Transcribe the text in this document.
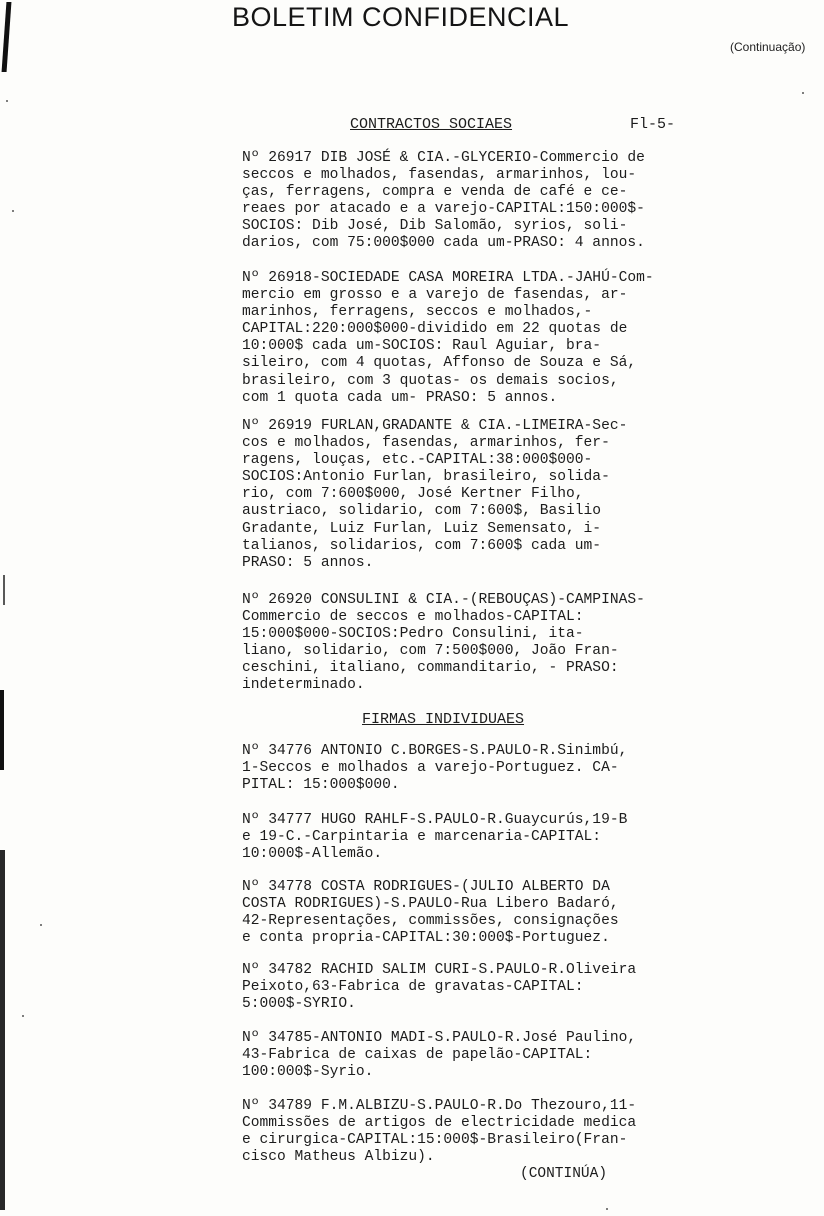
BOLETIM CONFIDENCIAL
(Continuação)
CONTRACTOS SOCIAES	Fl-5-
Nº 26917 DIB JOSÉ & CIA.-GLYCERIO-Commercio de
seccos e molhados, fasendas, armarinhos, lou-
ças, ferragens, compra e venda de café e ce-
reaes por atacado e a varejo-CAPITAL:150:000$-
SOCIOS: Dib José, Dib Salomão, syrios, soli-
darios, com 75:000$000 cada um-PRASO: 4 annos.
Nº 26918-SOCIEDADE CASA MOREIRA LTDA.-JAHÚ-Com-
mercio em grosso e a varejo de fasendas, ar-
marinhos, ferragens, seccos e molhados,-
CAPITAL:220:000$000-dividido em 22 quotas de
10:000$ cada um-SOCIOS: Raul Aguiar, bra-
sileiro, com 4 quotas, Affonso de Souza e Sá,
brasileiro, com 3 quotas- os demais socios,
com 1 quota cada um- PRASO: 5 annos.
Nº 26919 FURLAN,GRADANTE & CIA.-LIMEIRA-Sec-
cos e molhados, fasendas, armarinhos, fer-
ragens, louças, etc.-CAPITAL:38:000$000-
SOCIOS:Antonio Furlan, brasileiro, solida-
rio, com 7:600$000, José Kertner Filho,
austriaco, solidario, com 7:600$, Basilio
Gradante, Luiz Furlan, Luiz Semensato, i-
talianos, solidarios, com 7:600$ cada um-
PRASO: 5 annos.
Nº 26920 CONSULINI & CIA.-(REBOUÇAS)-CAMPINAS-
Commercio de seccos e molhados-CAPITAL:
15:000$000-SOCIOS:Pedro Consulini, ita-
liano, solidario, com 7:500$000, João Fran-
ceschini, italiano, commanditario, - PRASO:
indeterminado.
FIRMAS INDIVIDUAES
Nº 34776 ANTONIO C.BORGES-S.PAULO-R.Sinimbú,
1-Seccos e molhados a varejo-Portuguez. CA-
PITAL: 15:000$000.
Nº 34777 HUGO RAHLF-S.PAULO-R.Guaycurús,19-B
e 19-C.-Carpintaria e marcenaria-CAPITAL:
10:000$-Allemão.
Nº 34778 COSTA RODRIGUES-(JULIO ALBERTO DA
COSTA RODRIGUES)-S.PAULO-Rua Libero Badaró,
42-Representações, commissões, consignações
e conta propria-CAPITAL:30:000$-Portuguez.
Nº 34782 RACHID SALIM CURI-S.PAULO-R.Oliveira
Peixoto,63-Fabrica de gravatas-CAPITAL:
5:000$-SYRIO.
Nº 34785-ANTONIO MADI-S.PAULO-R.José Paulino,
43-Fabrica de caixas de papelão-CAPITAL:
100:000$-Syrio.
Nº 34789 F.M.ALBIZU-S.PAULO-R.Do Thezouro,11-
Commissões de artigos de electricidade medica
e cirurgica-CAPITAL:15:000$-Brasileiro(Fran-
cisco Matheus Albizu).
(CONTINÚA)
